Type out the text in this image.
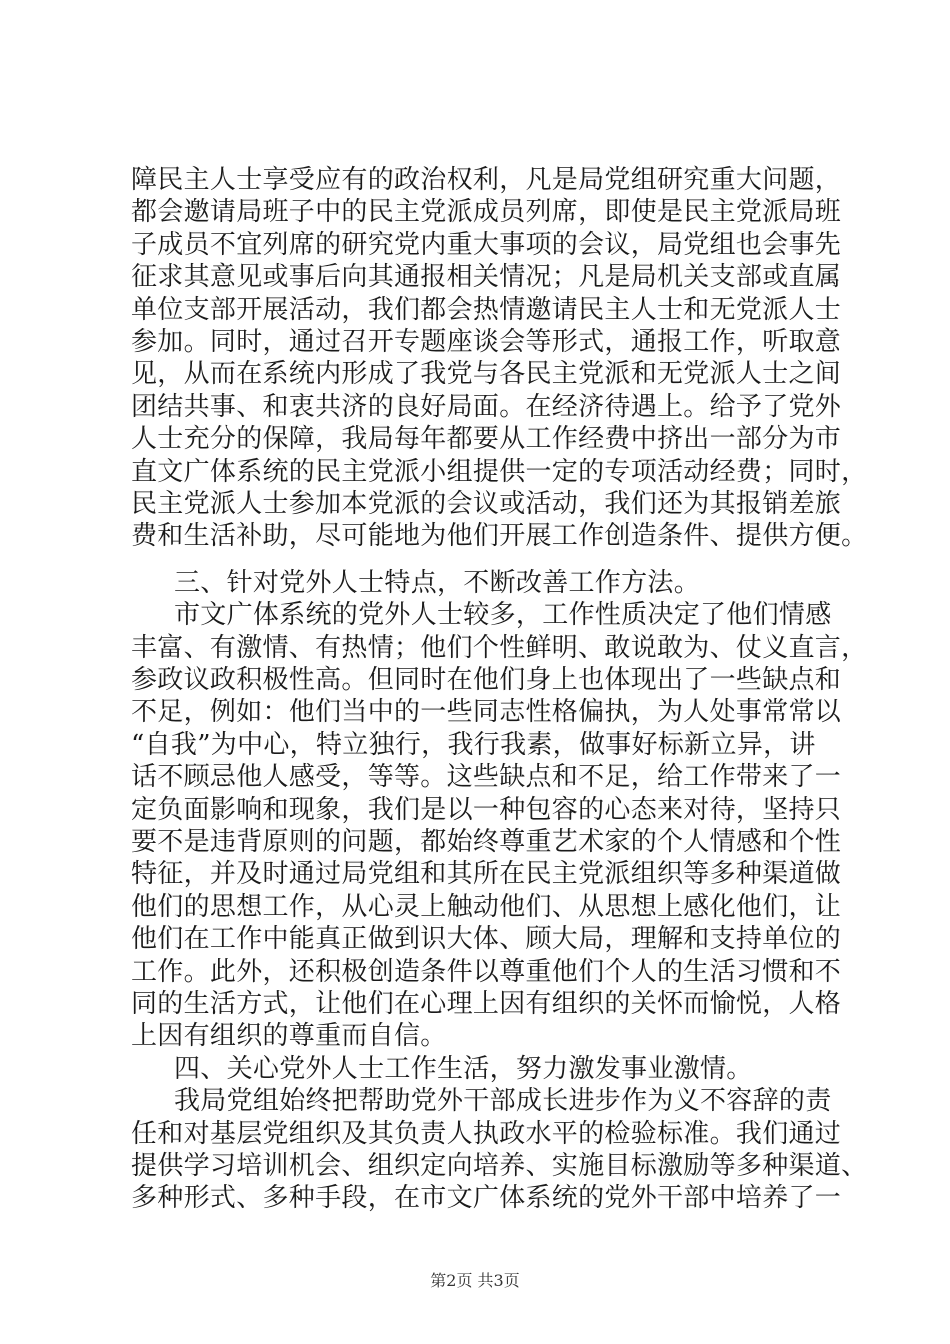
障民主人士享受应有的政治权利，凡是局党组研究重大问题，
都会邀请局班子中的民主党派成员列席，即使是民主党派局班
子成员不宜列席的研究党内重大事项的会议，局党组也会事先
征求其意见或事后向其通报相关情况；凡是局机关支部或直属
单位支部开展活动，我们都会热情邀请民主人士和无党派人士
参加。同时，通过召开专题座谈会等形式，通报工作，听取意
见，从而在系统内形成了我党与各民主党派和无党派人士之间
团结共事、和衷共济的良好局面。在经济待遇上。给予了党外
人士充分的保障，我局每年都要从工作经费中挤出一部分为市
直文广体系统的民主党派小组提供一定的专项活动经费；同时，
民主党派人士参加本党派的会议或活动，我们还为其报销差旅
费和生活补助，尽可能地为他们开展工作创造条件、提供方便。
三、针对党外人士特点，不断改善工作方法。
市文广体系统的党外人士较多，工作性质决定了他们情感
丰富、有激情、有热情；他们个性鲜明、敢说敢为、仗义直言，
参政议政积极性高。但同时在他们身上也体现出了一些缺点和
不足，例如：他们当中的一些同志性格偏执，为人处事常常以
“自我”为中心，特立独行，我行我素，做事好标新立异，讲
话不顾忌他人感受，等等。这些缺点和不足，给工作带来了一
定负面影响和现象，我们是以一种包容的心态来对待，坚持只
要不是违背原则的问题，都始终尊重艺术家的个人情感和个性
特征，并及时通过局党组和其所在民主党派组织等多种渠道做
他们的思想工作，从心灵上触动他们、从思想上感化他们，让
他们在工作中能真正做到识大体、顾大局，理解和支持单位的
工作。此外，还积极创造条件以尊重他们个人的生活习惯和不
同的生活方式，让他们在心理上因有组织的关怀而愉悦，人格
上因有组织的尊重而自信。
四、关心党外人士工作生活，努力激发事业激情。
我局党组始终把帮助党外干部成长进步作为义不容辞的责
任和对基层党组织及其负责人执政水平的检验标准。我们通过
提供学习培训机会、组织定向培养、实施目标激励等多种渠道、
多种形式、多种手段，在市文广体系统的党外干部中培养了一
第2页 共3页
